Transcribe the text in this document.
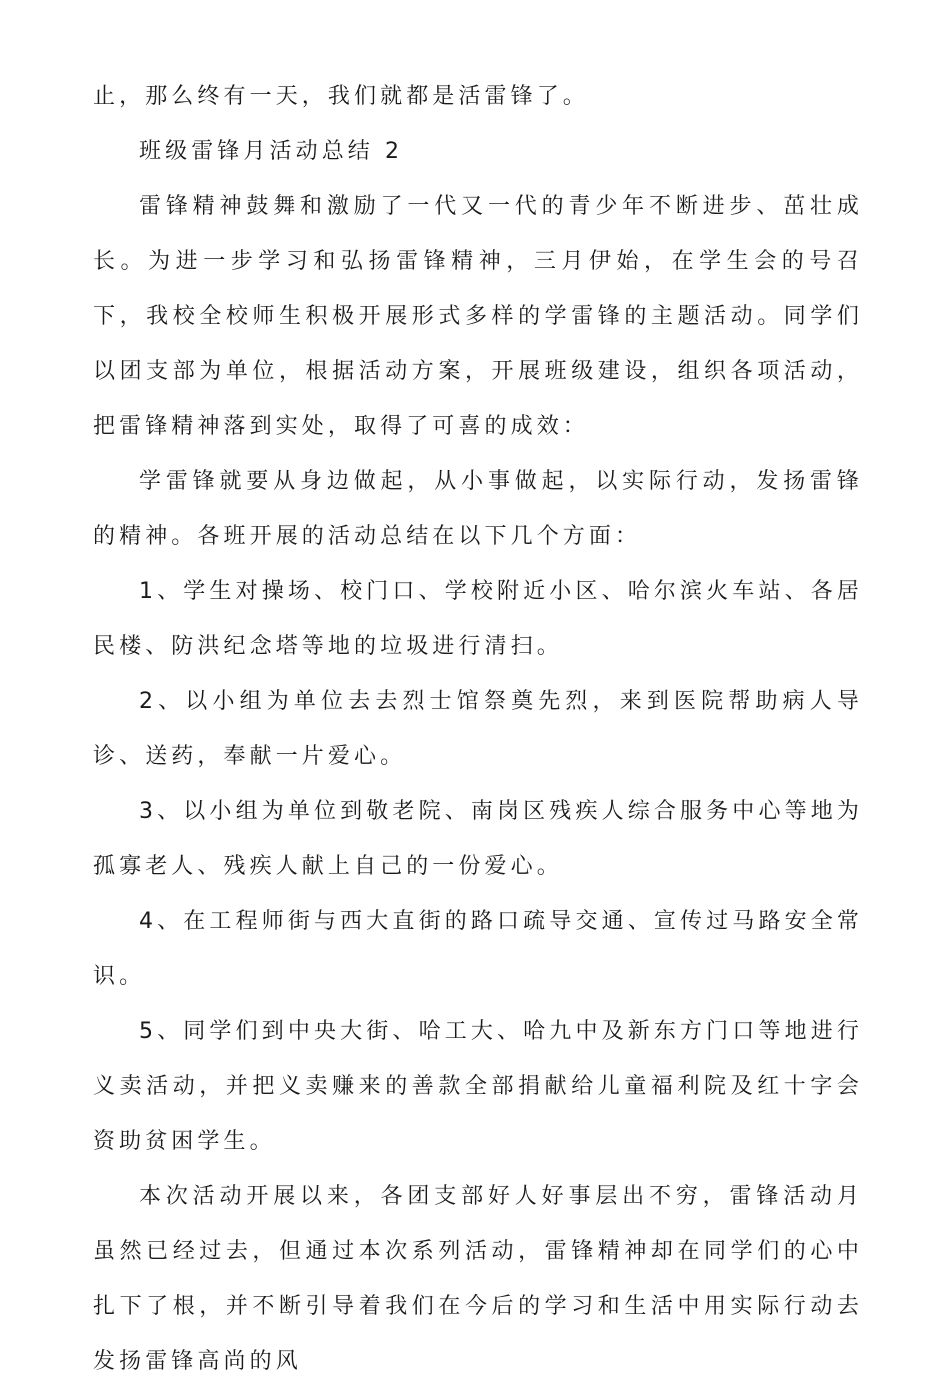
止，那么终有一天，我们就都是活雷锋了。

班级雷锋月活动总结 2

雷锋精神鼓舞和激励了一代又一代的青少年不断进步、茁壮成长。为进一步学习和弘扬雷锋精神，三月伊始，在学生会的号召下，我校全校师生积极开展形式多样的学雷锋的主题活动。同学们以团支部为单位，根据活动方案，开展班级建设，组织各项活动，把雷锋精神落到实处，取得了可喜的成效：

学雷锋就要从身边做起，从小事做起，以实际行动，发扬雷锋的精神。各班开展的活动总结在以下几个方面：

1、学生对操场、校门口、学校附近小区、哈尔滨火车站、各居民楼、防洪纪念塔等地的垃圾进行清扫。

2、以小组为单位去去烈士馆祭奠先烈，来到医院帮助病人导诊、送药，奉献一片爱心。

3、以小组为单位到敬老院、南岗区残疾人综合服务中心等地为孤寡老人、残疾人献上自己的一份爱心。

4、在工程师街与西大直街的路口疏导交通、宣传过马路安全常识。

5、同学们到中央大街、哈工大、哈九中及新东方门口等地进行义卖活动，并把义卖赚来的善款全部捐献给儿童福利院及红十字会资助贫困学生。

本次活动开展以来，各团支部好人好事层出不穷，雷锋活动月虽然已经过去，但通过本次系列活动，雷锋精神却在同学们的心中扎下了根，并不断引导着我们在今后的学习和生活中用实际行动去发扬雷锋高尚的风
